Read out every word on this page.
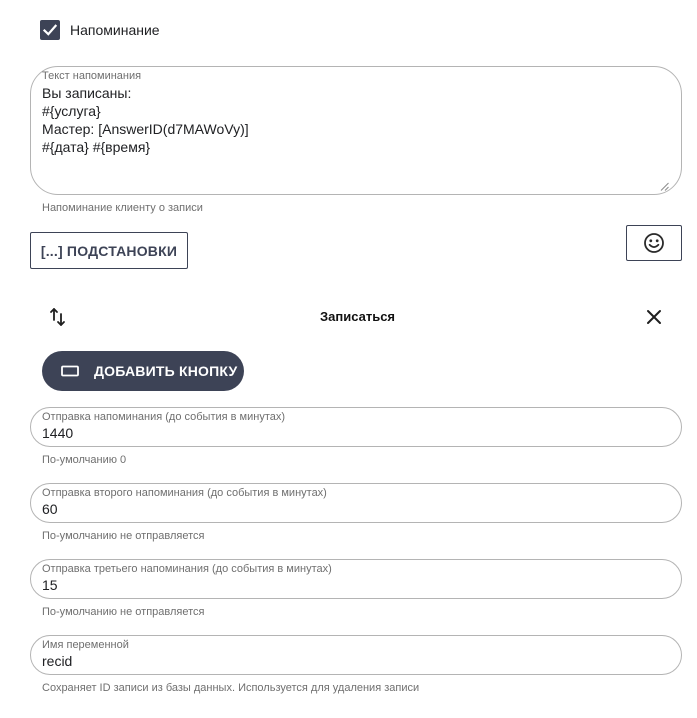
Напоминание
Текст напоминания
Вы записаны:
#{услуга}
Мастер: [AnswerID(d7MAWoVy)]
#{дата} #{время}
Напоминание клиенту о записи
[...] ПОДСТАНОВКИ
Записаться
ДОБАВИТЬ КНОПКУ
Отправка напоминания (до события в минутах)
1440
По-умолчанию 0
Отправка второго напоминания (до события в минутах)
60
По-умолчанию не отправляется
Отправка третьего напоминания (до события в минутах)
15
По-умолчанию не отправляется
Имя переменной
recid
Сохраняет ID записи из базы данных. Используется для удаления записи
